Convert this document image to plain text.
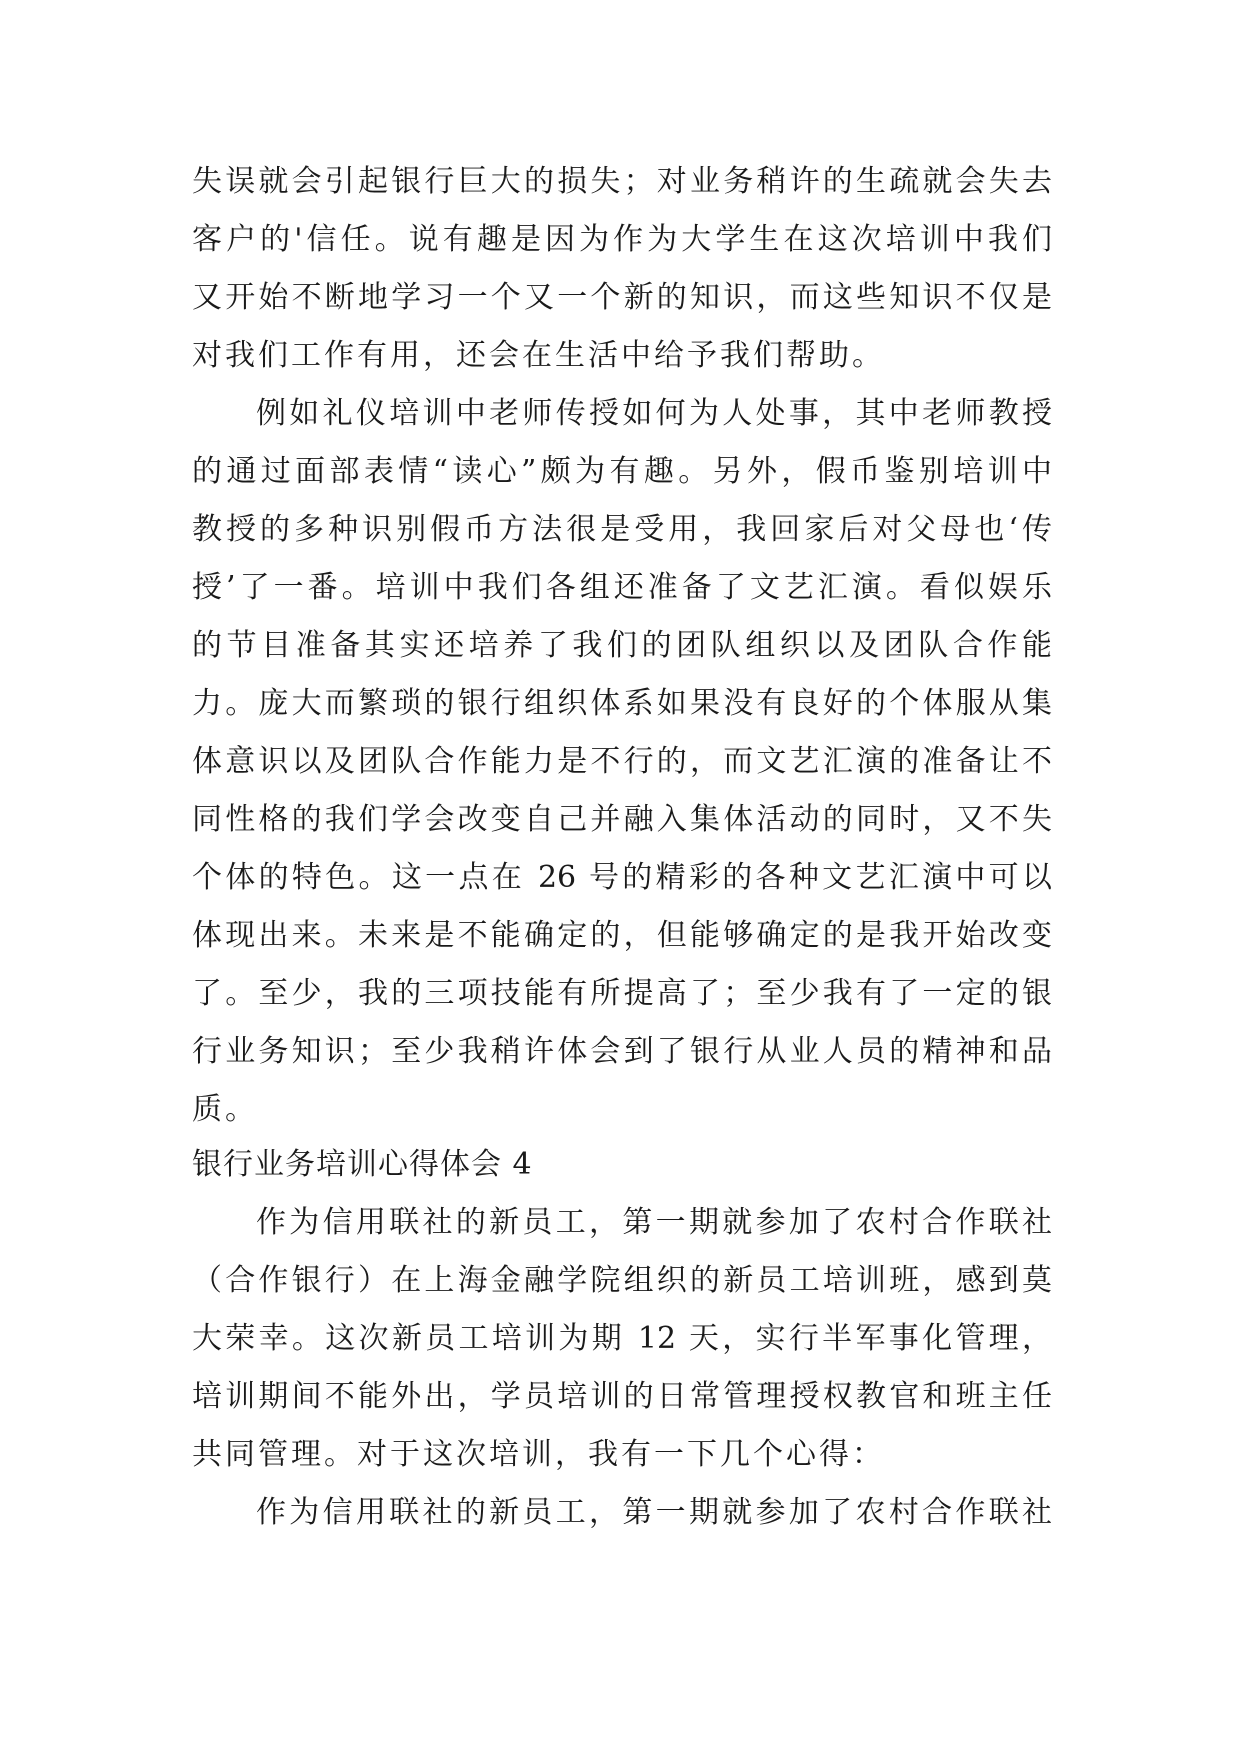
失误就会引起银行巨大的损失；对业务稍许的生疏就会失去
客户的'信任。说有趣是因为作为大学生在这次培训中我们
又开始不断地学习一个又一个新的知识，而这些知识不仅是
对我们工作有用，还会在生活中给予我们帮助。
例如礼仪培训中老师传授如何为人处事，其中老师教授
的通过面部表情“读心”颇为有趣。另外，假币鉴别培训中
教授的多种识别假币方法很是受用，我回家后对父母也‘传
授’了一番。培训中我们各组还准备了文艺汇演。看似娱乐
的节目准备其实还培养了我们的团队组织以及团队合作能
力。庞大而繁琐的银行组织体系如果没有良好的个体服从集
体意识以及团队合作能力是不行的，而文艺汇演的准备让不
同性格的我们学会改变自己并融入集体活动的同时，又不失
个体的特色。这一点在 26 号的精彩的各种文艺汇演中可以
体现出来。未来是不能确定的，但能够确定的是我开始改变
了。至少，我的三项技能有所提高了；至少我有了一定的银
行业务知识；至少我稍许体会到了银行从业人员的精神和品
质。
银行业务培训心得体会 4
作为信用联社的新员工，第一期就参加了农村合作联社
（合作银行）在上海金融学院组织的新员工培训班，感到莫
大荣幸。这次新员工培训为期 12 天，实行半军事化管理，
培训期间不能外出，学员培训的日常管理授权教官和班主任
共同管理。对于这次培训，我有一下几个心得：
作为信用联社的新员工，第一期就参加了农村合作联社
